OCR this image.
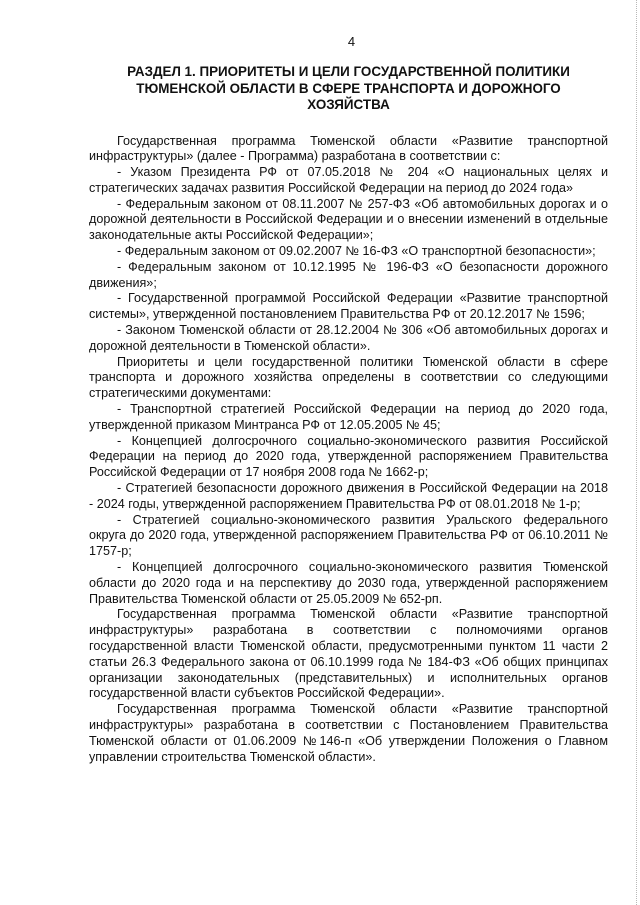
4
РАЗДЕЛ 1. ПРИОРИТЕТЫ И ЦЕЛИ ГОСУДАРСТВЕННОЙ ПОЛИТИКИ
ТЮМЕНСКОЙ ОБЛАСТИ В СФЕРЕ ТРАНСПОРТА И ДОРОЖНОГО
ХОЗЯЙСТВА

Государственная программа Тюменской области «Развитие транспортной инфраструктуры» (далее - Программа) разработана в соответствии с:

- Указом Президента РФ от 07.05.2018 № 204 «О национальных целях и стратегических задачах развития Российской Федерации на период до 2024 года»

- Федеральным законом от 08.11.2007 № 257-ФЗ «Об автомобильных дорогах и о дорожной деятельности в Российской Федерации и о внесении изменений в отдельные законодательные акты Российской Федерации»;

- Федеральным законом от 09.02.2007 № 16-ФЗ «О транспортной безопасности»;

- Федеральным законом от 10.12.1995 № 196-ФЗ «О безопасности дорожного движения»;

- Государственной программой Российской Федерации «Развитие транспортной системы», утвержденной постановлением Правительства РФ от 20.12.2017 № 1596;

- Законом Тюменской области от 28.12.2004 № 306 «Об автомобильных дорогах и дорожной деятельности в Тюменской области».

Приоритеты и цели государственной политики Тюменской области в сфере транспорта и дорожного хозяйства определены в соответствии со следующими стратегическими документами:

- Транспортной стратегией Российской Федерации на период до 2020 года, утвержденной приказом Минтранса РФ от 12.05.2005 № 45;

- Концепцией долгосрочного социально-экономического развития Российской Федерации на период до 2020 года, утвержденной распоряжением Правительства Российской Федерации от 17 ноября 2008 года № 1662-р;

- Стратегией безопасности дорожного движения в Российской Федерации на 2018 - 2024 годы, утвержденной распоряжением Правительства РФ от 08.01.2018 № 1-р;

- Стратегией социально-экономического развития Уральского федерального округа до 2020 года, утвержденной распоряжением Правительства РФ от 06.10.2011 № 1757-р;

- Концепцией долгосрочного социально-экономического развития Тюменской области до 2020 года и на перспективу до 2030 года, утвержденной распоряжением Правительства Тюменской области от 25.05.2009 № 652-рп.

Государственная программа Тюменской области «Развитие транспортной инфраструктуры» разработана в соответствии с полномочиями органов государственной власти Тюменской области, предусмотренными пунктом 11 части 2 статьи 26.3 Федерального закона от 06.10.1999 года № 184-ФЗ «Об общих принципах организации законодательных (представительных) и исполнительных органов государственной власти субъектов Российской Федерации».

Государственная программа Тюменской области «Развитие транспортной инфраструктуры» разработана в соответствии с Постановлением Правительства Тюменской области от 01.06.2009 №146-п «Об утверждении Положения о Главном управлении строительства Тюменской области».
